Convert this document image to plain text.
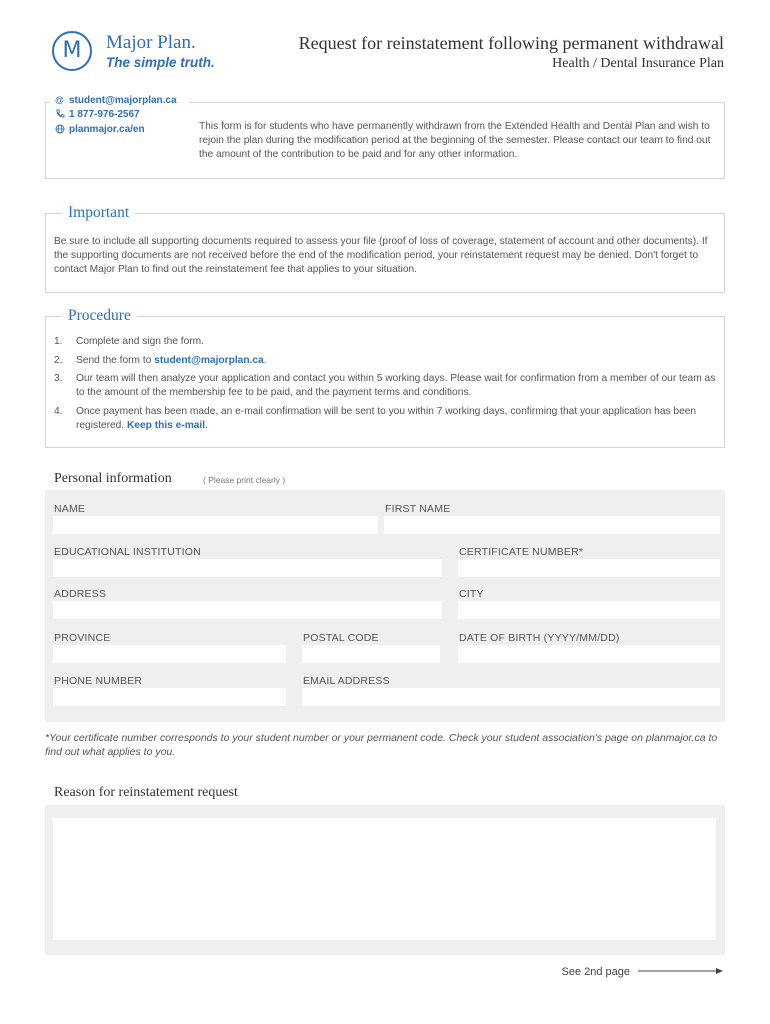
M	Major Plan.
The simple truth.
Request for reinstatement following permanent withdrawal
Health / Dental Insurance Plan
@ student@majorplan.ca
1 877-976-2567
planmajor.ca/en	This form is for students who have permanently withdrawn from the Extended Health and Dental Plan and wish to rejoin the plan during the modification period at the beginning of the semester. Please contact our team to find out the amount of the contribution to be paid and for any other information.
Important
Be sure to include all supporting documents required to assess your file (proof of loss of coverage, statement of account and other documents). If the supporting documents are not received before the end of the modification period, your reinstatement request may be denied. Don't forget to contact Major Plan to find out the reinstatement fee that applies to your situation.
Procedure
1.	Complete and sign the form.
2.	Send the form to student@majorplan.ca.
3.	Our team will then analyze your application and contact you within 5 working days. Please wait for confirmation from a member of our team as to the amount of the membership fee to be paid, and the payment terms and conditions.
4.	Once payment has been made, an e-mail confirmation will be sent to you within 7 working days, confirming that your application has been registered. Keep this e-mail.
Personal information	( Please print clearly )
NAME	FIRST NAME
EDUCATIONAL INSTITUTION	CERTIFICATE NUMBER*
ADDRESS	CITY
PROVINCE	POSTAL CODE	DATE OF BIRTH (YYYY/MM/DD)
PHONE NUMBER	EMAIL ADDRESS
*Your certificate number corresponds to your student number or your permanent code. Check your student association's page on planmajor.ca to find out what applies to you.
Reason for reinstatement request
See 2nd page
